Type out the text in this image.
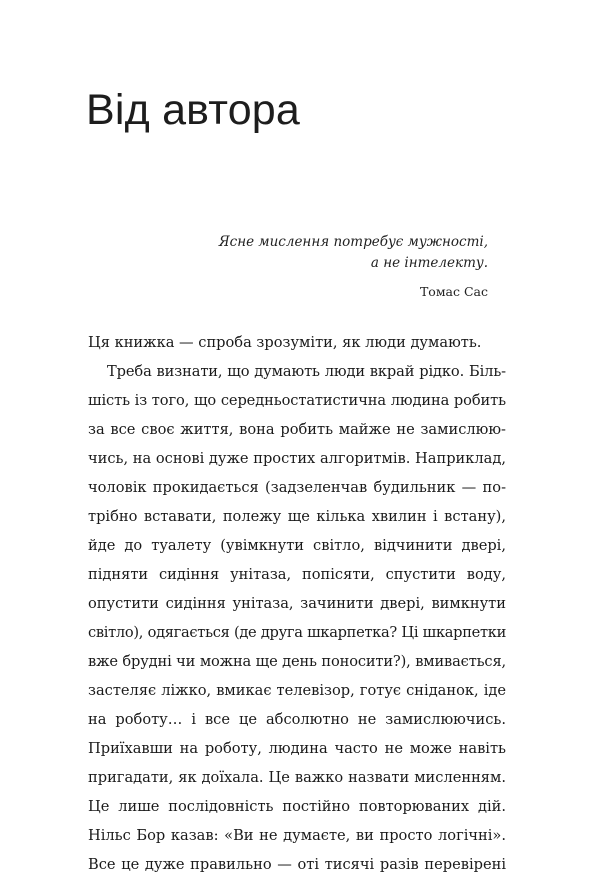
Від автора
Ясне мислення потребує мужності,
а не інтелекту.
Томас Сас
Ця книжка — спроба зрозуміти, як люди думають.
Треба визнати, що думають люди вкрай рідко. Біль-
шість із того, що середньостатистична людина робить
за все своє життя, вона робить майже не замислюю-
чись, на основі дуже простих алгоритмів. Наприклад,
чоловік прокидається (задзеленчав будильник — по-
трібно вставати, полежу ще кілька хвилин і встану),
йде до туалету (увімкнути світло, відчинити двері,
підняти сидіння унітаза, попісяти, спустити воду,
опустити сидіння унітаза, зачинити двері, вимкнути
світло), одягається (де друга шкарпетка? Ці шкарпетки
вже брудні чи можна ще день поносити?), вмивається,
застеляє ліжко, вмикає телевізор, готує сніданок, іде
на роботу… і все це абсолютно не замислюючись.
Приїхавши на роботу, людина часто не може навіть
пригадати, як доїхала. Це важко назвати мисленням.
Це лише послідовність постійно повторюваних дій.
Нільс Бор казав: «Ви не думаєте, ви просто логічні».
Все це дуже правильно — оті тисячі разів перевірені
